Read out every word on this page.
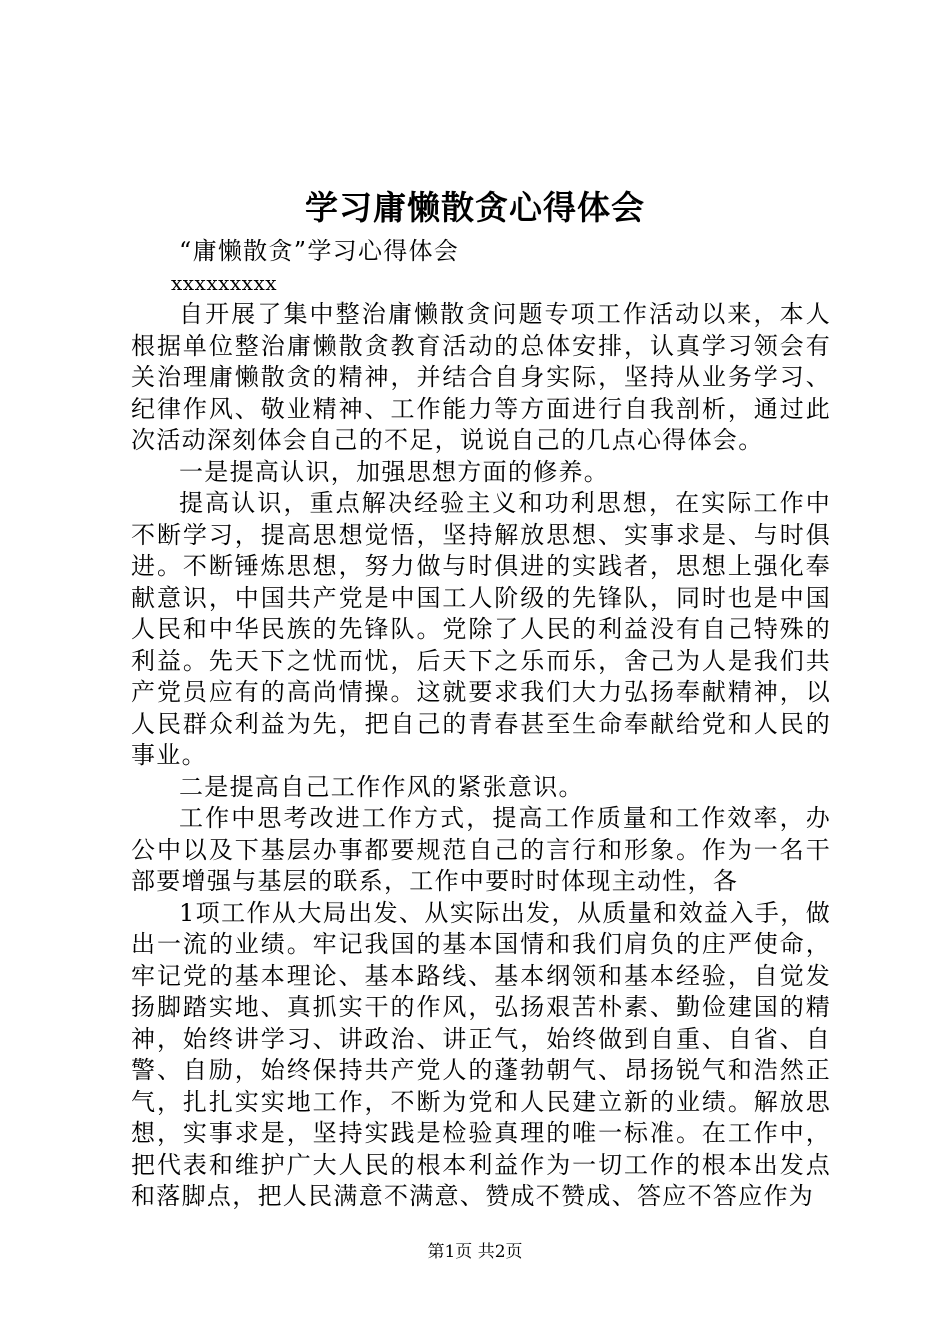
学习庸懒散贪心得体会

“庸懒散贪”学习心得体会

xxxxxxxxx

自开展了集中整治庸懒散贪问题专项工作活动以来，本人根据单位整治庸懒散贪教育活动的总体安排，认真学习领会有关治理庸懒散贪的精神，并结合自身实际，坚持从业务学习、纪律作风、敬业精神、工作能力等方面进行自我剖析，通过此次活动深刻体会自己的不足，说说自己的几点心得体会。

一是提高认识，加强思想方面的修养。

提高认识，重点解决经验主义和功利思想，在实际工作中不断学习，提高思想觉悟，坚持解放思想、实事求是、与时俱进。不断锤炼思想，努力做与时俱进的实践者，思想上强化奉献意识，中国共产党是中国工人阶级的先锋队，同时也是中国人民和中华民族的先锋队。党除了人民的利益没有自己特殊的利益。先天下之忧而忧，后天下之乐而乐，舍己为人是我们共产党员应有的高尚情操。这就要求我们大力弘扬奉献精神，以人民群众利益为先，把自己的青春甚至生命奉献给党和人民的事业。

二是提高自己工作作风的紧张意识。

工作中思考改进工作方式，提高工作质量和工作效率，办公中以及下基层办事都要规范自己的言行和形象。作为一名干部要增强与基层的联系，工作中要时时体现主动性，各

1项工作从大局出发、从实际出发，从质量和效益入手，做出一流的业绩。牢记我国的基本国情和我们肩负的庄严使命，牢记党的基本理论、基本路线、基本纲领和基本经验，自觉发扬脚踏实地、真抓实干的作风，弘扬艰苦朴素、勤俭建国的精神，始终讲学习、讲政治、讲正气，始终做到自重、自省、自警、自励，始终保持共产党人的蓬勃朝气、昂扬锐气和浩然正气，扎扎实实地工作，不断为党和人民建立新的业绩。解放思想，实事求是，坚持实践是检验真理的唯一标准。在工作中，把代表和维护广大人民的根本利益作为一切工作的根本出发点和落脚点，把人民满意不满意、赞成不赞成、答应不答应作为

第1页 共2页
